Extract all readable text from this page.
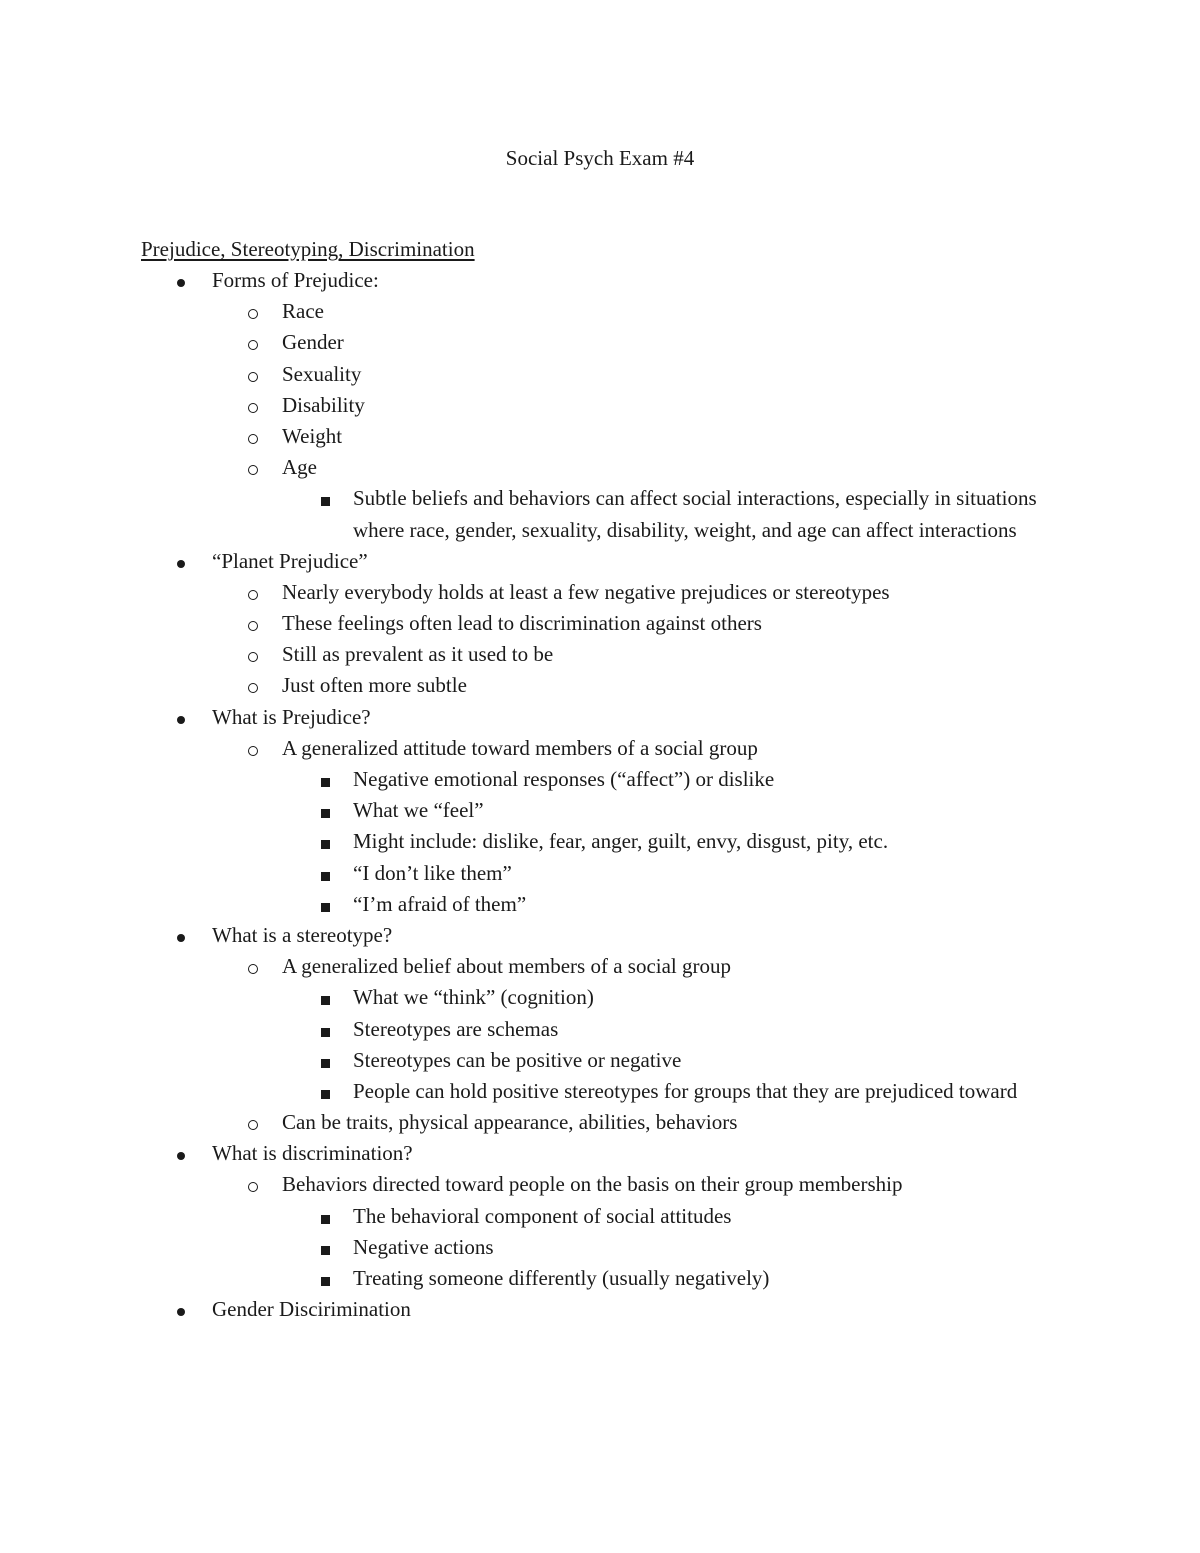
Social Psych Exam #4
Prejudice, Stereotyping, Discrimination
Forms of Prejudice:
Race
Gender
Sexuality
Disability
Weight
Age
Subtle beliefs and behaviors can affect social interactions, especially in situations where race, gender, sexuality, disability, weight, and age can affect interactions
“Planet Prejudice”
Nearly everybody holds at least a few negative prejudices or stereotypes
These feelings often lead to discrimination against others
Still as prevalent as it used to be
Just often more subtle
What is Prejudice?
A generalized attitude toward members of a social group
Negative emotional responses (“affect”) or dislike
What we “feel”
Might include: dislike, fear, anger, guilt, envy, disgust, pity, etc.
“I don’t like them”
“I’m afraid of them”
What is a stereotype?
A generalized belief about members of a social group
What we “think” (cognition)
Stereotypes are schemas
Stereotypes can be positive or negative
People can hold positive stereotypes for groups that they are prejudiced toward
Can be traits, physical appearance, abilities, behaviors
What is discrimination?
Behaviors directed toward people on the basis on their group membership
The behavioral component of social attitudes
Negative actions
Treating someone differently (usually negatively)
Gender Discirimination
